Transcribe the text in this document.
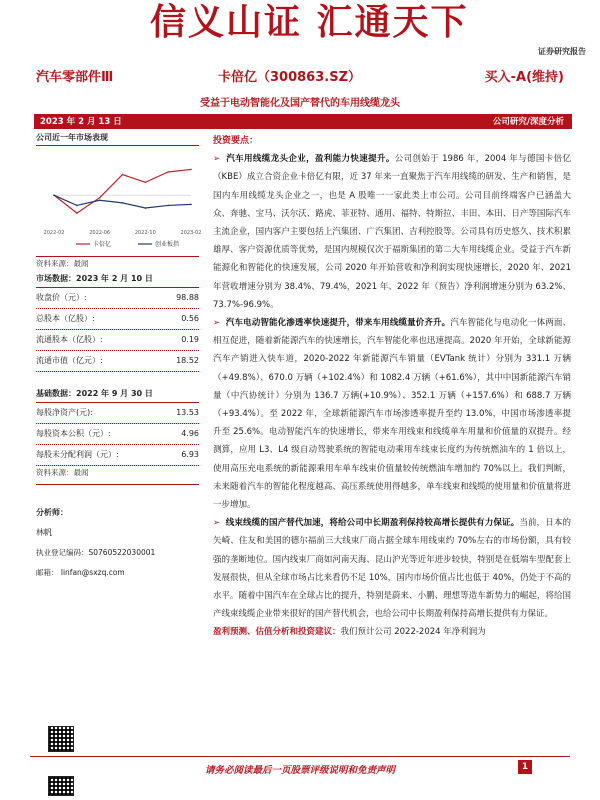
信义山证 汇通天下
证券研究报告
汽车零部件Ⅲ	卡倍亿（300863.SZ）	买入-A(维持)
受益于电动智能化及国产替代的车用线缆龙头
2023 年 2 月 13 日	公司研究/深度分析
公司近一年市场表现
2022-02	2022-06	2022-10	2023-02
卡倍亿	创业板指
资料来源：最闻
市场数据：2023 年 2 月 10 日
收盘价（元）:	98.88
总股本（亿股）:	0.56
流通股本（亿股）:	0.19
流通市值（亿元）:	18.52
基础数据：2022 年 9 月 30 日
每股净资产(元):	13.53
每股资本公积（元）:	4.96
每股未分配利润（元）:	6.93
资料来源：最闻
分析师：
林帆
执业登记编码：S0760522030001
邮箱： linfan@sxzq.com
投资要点：
➢ 汽车用线缆龙头企业，盈利能力快速提升。公司创始于 1986 年，2004 年与德国卡倍亿（KBE）成立合资企业卡倍亿有限，近 37 年来一直聚焦于汽车用线缆的研发、生产和销售，是国内车用线缆龙头企业之一，也是 A 股唯一一家此类上市公司。公司目前终端客户已涵盖大众、奔驰、宝马、沃尔沃、路虎、菲亚特、通用、福特、特斯拉、丰田、本田、日产等国际汽车主流企业，国内客户主要包括上汽集团、广汽集团、吉利控股等。公司具有历史悠久、技术积累雄厚、客户资源优质等优势，是国内规模仅次于福斯集团的第二大车用线缆企业。受益于汽车新能源化和智能化的快速发展，公司 2020 年开始营收和净利润实现快速增长，2020 年、2021 年营收增速分别为 38.4%、79.4%，2021 年、2022 年（预告）净利润增速分别为 63.2%、73.7%-96.9%。
➢ 汽车电动智能化渗透率快速提升，带来车用线缆量价齐升。汽车智能化与电动化一体两面、相互促进，随着新能源汽车的快速增长，汽车智能化率也迅速提高。2020 年开始，全球新能源汽车产销进入快车道，2020-2022 年新能源汽车销量（EVTank 统计）分别为 331.1 万辆（+49.8%）、670.0 万辆（+102.4%）和 1082.4 万辆（+61.6%），其中中国新能源汽车销量（中汽协统计）分别为 136.7 万辆(+10.9%）、352.1 万辆（+157.6%）和 688.7 万辆（+93.4%）。至 2022 年，全球新能源汽车市场渗透率提升至约 13.0%，中国市场渗透率提升至 25.6%。电动智能汽车的快速增长，带来车用线束和线缆单车用量和价值量的双提升。经测算，应用 L3、L4 级自动驾驶系统的智能电动乘用车线束长度约为传统燃油车的 1 倍以上，使用高压充电系统的新能源乘用车单车线束价值量较传统燃油车增加约 70%以上。我们判断，未来随着汽车的智能化程度越高、高压系统使用得越多，单车线束和线缆的使用量和价值量将进一步增加。
➢ 线束线缆的国产替代加速，将给公司中长期盈利保持较高增长提供有力保证。当前，日本的矢崎、住友和美国的德尔福前三大线束厂商占据全球车用线束约 70%左右的市场份额，具有较强的垄断地位。国内线束厂商如河南天海、昆山沪光等近年进步较快，特别是在低端车型配套上发展很快，但从全球市场占比来看仍不足 10%，国内市场价值占比也低于 40%，仍处于不高的水平。随着中国汽车在全球占比的提升，特别是蔚来、小鹏、理想等造车新势力的崛起，将给国产线束线缆企业带来很好的国产替代机会，也给公司中长期盈利保持高增长提供有力保证。
盈利预测、估值分析和投资建议：我们预计公司 2022-2024 年净利润为
请务必阅读最后一页股票评级说明和免责声明	1
